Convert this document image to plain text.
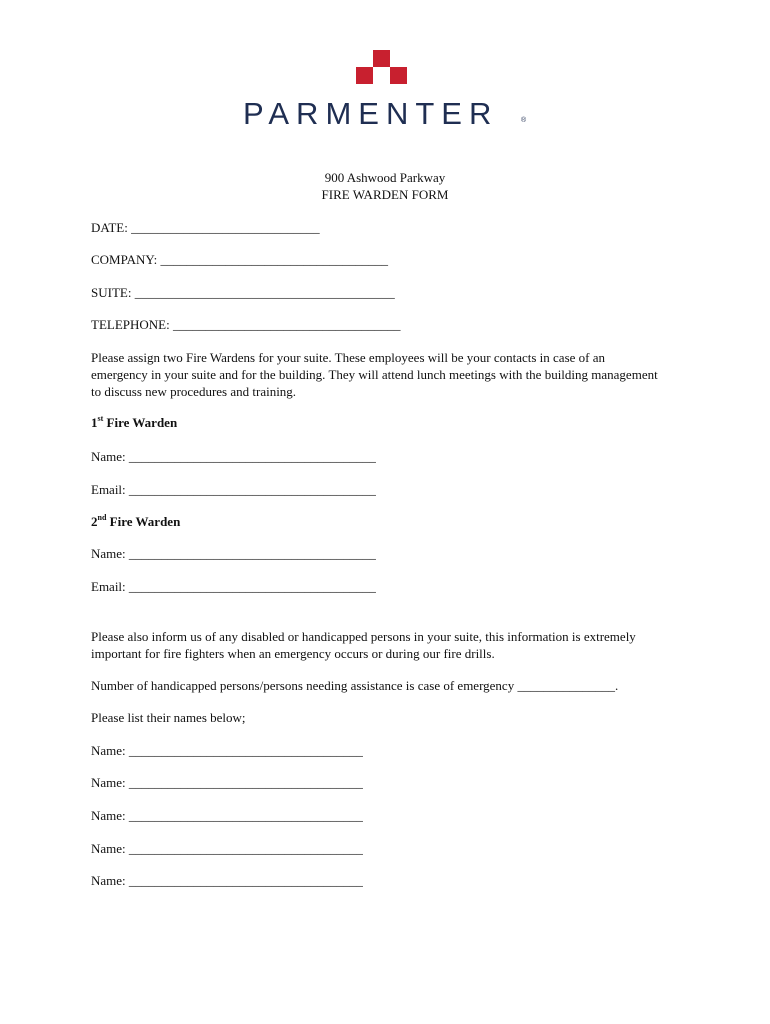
PARMENTER	®
900 Ashwood Parkway
FIRE WARDEN FORM
DATE: _____________________________
COMPANY: ___________________________________
SUITE: ________________________________________
TELEPHONE: ___________________________________
Please assign two Fire Wardens for your suite. These employees will be your contacts in case of an emergency in your suite and for the building. They will attend lunch meetings with the building management to discuss new procedures and training.
1st Fire Warden
Name: ______________________________________
Email: ______________________________________
2nd Fire Warden
Name: ______________________________________
Email: ______________________________________
Please also inform us of any disabled or handicapped persons in your suite, this information is extremely important for fire fighters when an emergency occurs or during our fire drills.
Number of handicapped persons/persons needing assistance is case of emergency _______________.
Please list their names below;
Name: ____________________________________
Name: ____________________________________
Name: ____________________________________
Name: ____________________________________
Name: ____________________________________
